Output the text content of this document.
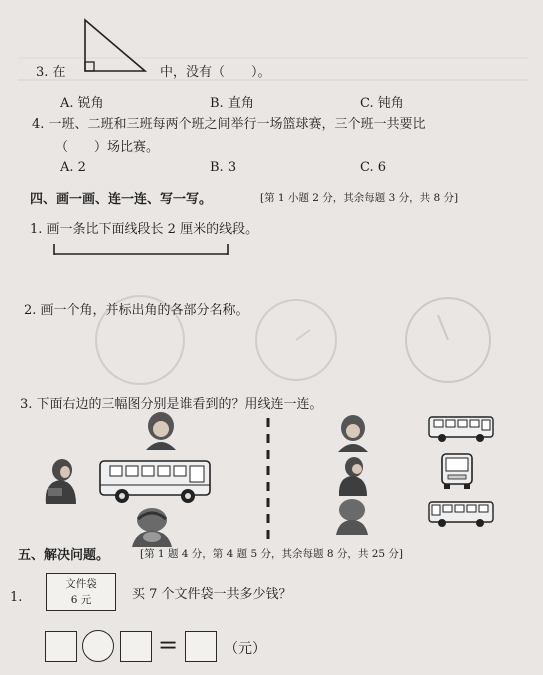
3. 在	中，没有（　　）。
A. 锐角	B. 直角	C. 钝角
4. 一班、二班和三班每两个班之间举行一场篮球赛，三个班一共要比
（　　）场比赛。
A. 2	B. 3	C. 6
四、画一画、连一连、写一写。	[第 1 小题 2 分，其余每题 3 分，共 8 分]
1. 画一条比下面线段长 2 厘米的线段。
2. 画一个角，并标出角的各部分名称。
3. 下面右边的三幅图分别是谁看到的？用线连一连。
五、解决问题。	[第 1 题 4 分，第 4 题 5 分，其余每题 8 分，共 25 分]
1.
文件袋
6 元	买 7 个文件袋一共多少钱？
=	（元）
